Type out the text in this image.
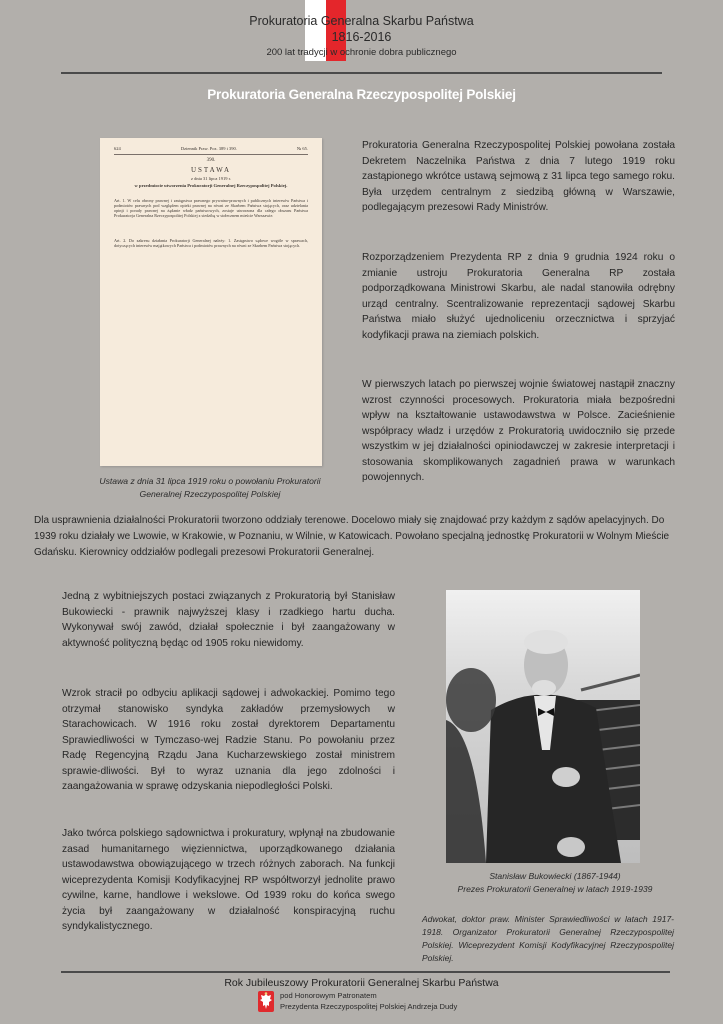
Prokuratoria Generalna Skarbu Państwa
1816-2016
200 lat tradycji w ochronie dobra publicznego
Prokuratoria Generalna Rzeczypospolitej Polskiej
624	Dziennik Praw. Poz. 389 i 390.	№ 65.
390.
USTAWA
z dnia 31 lipca 1919 r.
w przedmiocie utworzenia Prokuratorji Generalnej Rzeczypospolitej Polskiej.
Art. 1. W celu obrony prawnej i zastępstwa prawnego prywatno-prawnych i publicznych interesów Państwa i podmiotów prawnych pod względem opieki prawnej na równi ze Skarbem Państwa stojących, oraz udzielania opinji i porady prawnej na żądanie władz państwowych, zostaje utworzona dla całego obszaru Państwa Prokuratorja Generalna Rzeczypospolitej Polskiej z siedzibą w stołecznem mieście Warszawie.
Art. 2. Do zakresu działania Prokuratorji Generalnej należy: 1. Zastępstwo sądowe wogóle w sprawach, dotyczących interesów majątkowych Państwa i podmiotów prawnych na równi ze Skarbem Państwa stojących.
Ustawa z dnia 31 lipca 1919 roku o powołaniu Prokuratorii Generalnej Rzeczypospolitej Polskiej
Prokuratoria Generalna Rzeczypospolitej Polskiej powołana została Dekretem Naczelnika Państwa z dnia 7 lutego 1919 roku zastąpionego wkrótce ustawą sejmową z 31 lipca tego samego roku. Była urzędem centralnym z siedzibą główną w Warszawie, podlegającym prezesowi Rady Ministrów.
Rozporządzeniem Prezydenta RP z dnia 9 grudnia 1924 roku o zmianie ustroju Prokuratoria Generalna RP została podporządkowana Ministrowi Skarbu, ale nadal stanowiła odrębny urząd centralny. Scentralizowanie reprezentacji sądowej Skarbu Państwa miało służyć ujednoliceniu orzecznictwa i sprzyjać kodyfikacji prawa na ziemiach polskich.
W pierwszych latach po pierwszej wojnie światowej nastąpił znaczny wzrost czynności procesowych. Prokuratoria miała bezpośredni wpływ na kształtowanie ustawodawstwa w Polsce. Zacieśnienie współpracy władz i urzędów z Prokuratorią uwidoczniło się przede wszystkim w jej działalności opiniodawczej w zakresie interpretacji i stosowania skomplikowanych zagadnień prawa w warunkach powojennych.
Dla usprawnienia działalności Prokuratorii tworzono oddziały terenowe. Docelowo miały się znajdować przy każdym z sądów apelacyjnych. Do 1939 roku działały we Lwowie, w Krakowie, w Poznaniu, w Wilnie, w Katowicach. Powołano specjalną jednostkę Prokuratorii w Wolnym Mieście Gdańsku. Kierownicy oddziałów podlegali prezesowi Prokuratorii Generalnej.
Jedną z wybitniejszych postaci związanych z Prokuratorią był Stanisław Bukowiecki - prawnik najwyższej klasy i rzadkiego hartu ducha. Wykonywał swój zawód, działał społecznie i był zaangażowany w aktywność polityczną będąc od 1905 roku niewidomy.
Wzrok stracił po odbyciu aplikacji sądowej i adwokackiej. Pomimo tego otrzymał stanowisko syndyka zakładów przemysłowych w Starachowicach. W 1916 roku został dyrektorem Departamentu Sprawiedliwości w Tymczaso-wej Radzie Stanu. Po powołaniu przez Radę Regencyjną Rządu Jana Kucharzewskiego został ministrem sprawie-dliwości. Był to wyraz uznania dla jego zdolności i zaangażowania w sprawę odzyskania niepodległości Polski.
Jako twórca polskiego sądownictwa i prokuratury, wpłynął na zbudowanie zasad humanitarnego więziennictwa, uporządkowanego działania ustawodawstwa obowiązującego w trzech różnych zaborach. Na funkcji wiceprezydenta Komisji Kodyfikacyjnej RP współtworzył jednolite prawo cywilne, karne, handlowe i wekslowe. Od 1939 roku do końca swego życia był zaangażowany w działalność konspiracyjną ruchu syndykalistycznego.
Stanisław Bukowiecki (1867-1944)
Prezes Prokuratorii Generalnej w latach 1919-1939
Adwokat, doktor praw. Minister Sprawiedliwości w latach 1917-1918. Organizator Prokuratorii Generalnej Rzeczypospolitej Polskiej. Wiceprezydent Komisji Kodyfikacyjnej Rzeczypospolitej Polskiej.
Rok Jubileuszowy Prokuratorii Generalnej Skarbu Państwa
pod Honorowym Patronatem
Prezydenta Rzeczypospolitej Polskiej Andrzeja Dudy
